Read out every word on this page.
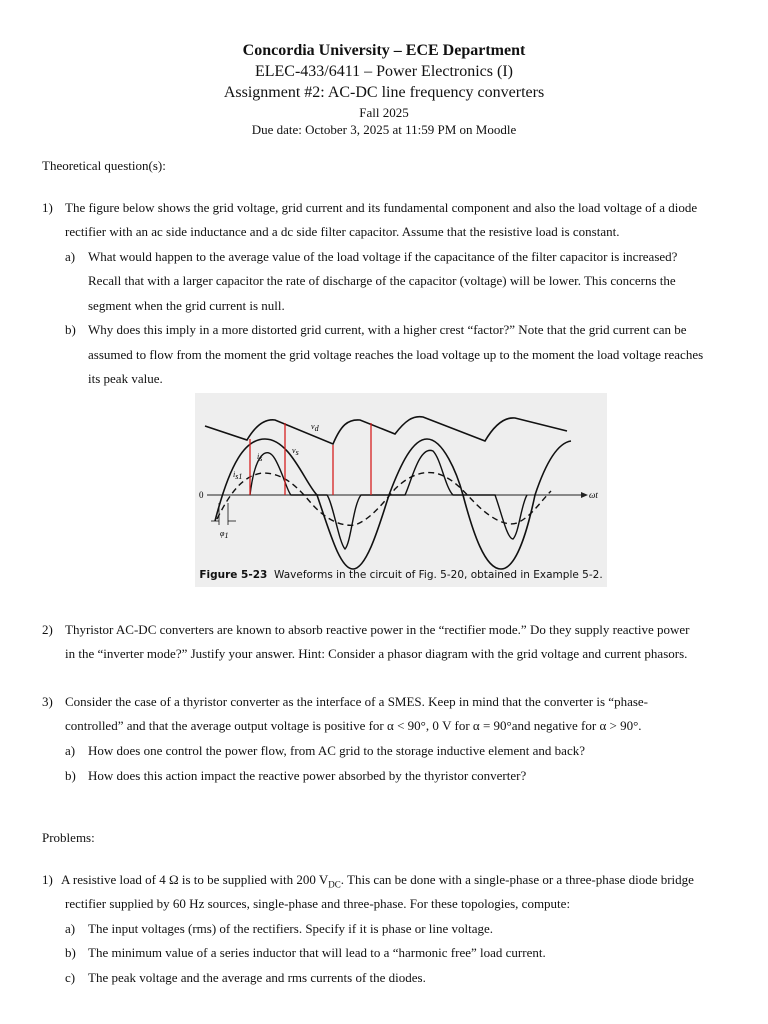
Concordia University – ECE Department
ELEC-433/6411 – Power Electronics (I)
Assignment #2: AC-DC line frequency converters
Fall 2025
Due date: October 3, 2025 at 11:59 PM on Moodle
Theoretical question(s):
1) The figure below shows the grid voltage, grid current and its fundamental component and also the load voltage of a diode
rectifier with an ac side inductance and a dc side filter capacitor. Assume that the resistive load is constant.
a) What would happen to the average value of the load voltage if the capacitance of the filter capacitor is increased?
Recall that with a larger capacitor the rate of discharge of the capacitor (voltage) will be lower. This concerns the
segment when the grid current is null.
b) Why does this imply in a more distorted grid current, with a higher crest “factor?” Note that the grid current can be
assumed to flow from the moment the grid voltage reaches the load voltage up to the moment the load voltage reaches
its peak value.
0	ωt
vd
vs
is
is1
φ1
Figure 5-23 Waveforms in the circuit of Fig. 5-20, obtained in Example 5-2.
2) Thyristor AC-DC converters are known to absorb reactive power in the “rectifier mode.” Do they supply reactive power
in the “inverter mode?” Justify your answer. Hint: Consider a phasor diagram with the grid voltage and current phasors.
3) Consider the case of a thyristor converter as the interface of a SMES. Keep in mind that the converter is “phase-
controlled” and that the average output voltage is positive for α < 90°, 0 V for α = 90°and negative for α > 90°.
a) How does one control the power flow, from AC grid to the storage inductive element and back?
b) How does this action impact the reactive power absorbed by the thyristor converter?
Problems:
1) A resistive load of 4 Ω is to be supplied with 200 $V_{DC}$. This can be done with a single-phase or a three-phase diode bridge
rectifier supplied by 60 Hz sources, single-phase and three-phase. For these topologies, compute:
a) The input voltages (rms) of the rectifiers. Specify if it is phase or line voltage.
b) The minimum value of a series inductor that will lead to a “harmonic free” load current.
c) The peak voltage and the average and rms currents of the diodes.
